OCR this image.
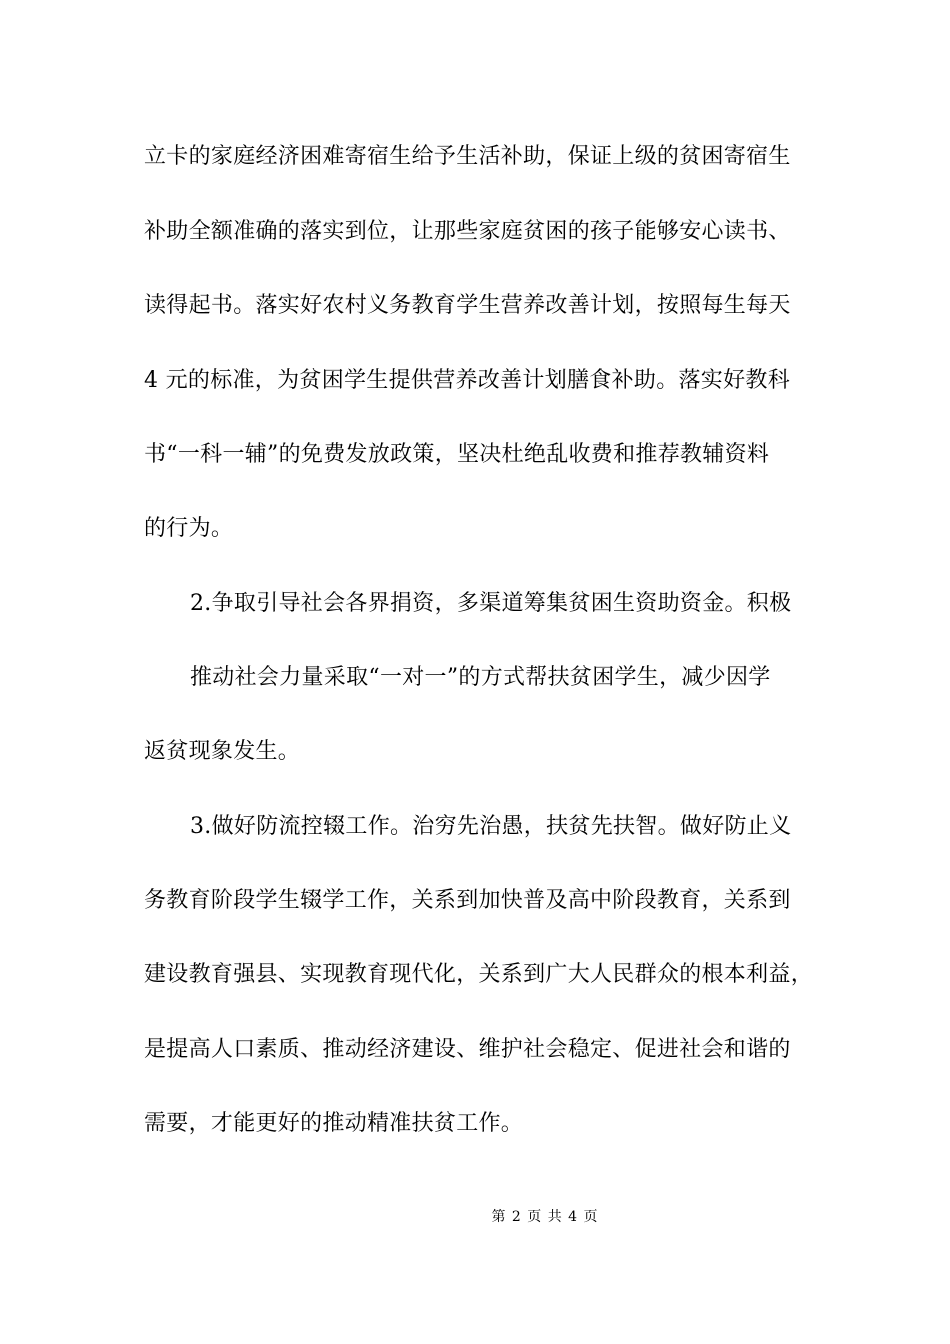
立卡的家庭经济困难寄宿生给予生活补助，保证上级的贫困寄宿生
补助全额准确的落实到位，让那些家庭贫困的孩子能够安心读书、
读得起书。落实好农村义务教育学生营养改善计划，按照每生每天
4 元的标准，为贫困学生提供营养改善计划膳食补助。落实好教科
书“一科一辅”的免费发放政策，坚决杜绝乱收费和推荐教辅资料
的行为。
2.争取引导社会各界捐资，多渠道筹集贫困生资助资金。积极
推动社会力量采取“一对一”的方式帮扶贫困学生，减少因学
返贫现象发生。
3.做好防流控辍工作。治穷先治愚，扶贫先扶智。做好防止义
务教育阶段学生辍学工作，关系到加快普及高中阶段教育，关系到
建设教育强县、实现教育现代化，关系到广大人民群众的根本利益，
是提高人口素质、推动经济建设、维护社会稳定、促进社会和谐的
需要，才能更好的推动精准扶贫工作。
第 2 页 共 4 页
